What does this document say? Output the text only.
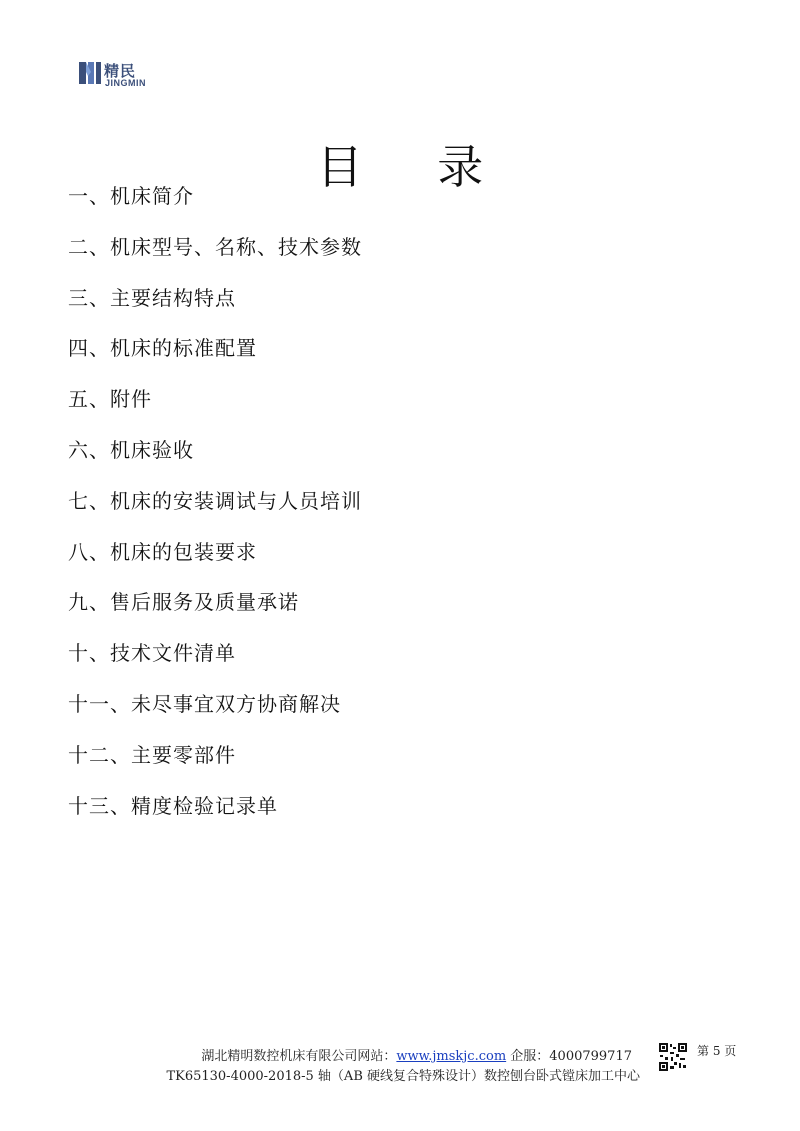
精民
JINGMIN
目 录
一、机床简介
二、机床型号、名称、技术参数
三、主要结构特点
四、机床的标准配置
五、附件
六、机床验收
七、机床的安装调试与人员培训
八、机床的包装要求
九、售后服务及质量承诺
十、技术文件清单
十一、未尽事宜双方协商解决
十二、主要零部件
十三、精度检验记录单
湖北精明数控机床有限公司网站：www.jmskjc.com 企服：4000799717
TK65130-4000-2018-5 轴（AB 硬线复合特殊设计）数控刨台卧式镗床加工中心
第 5 页
